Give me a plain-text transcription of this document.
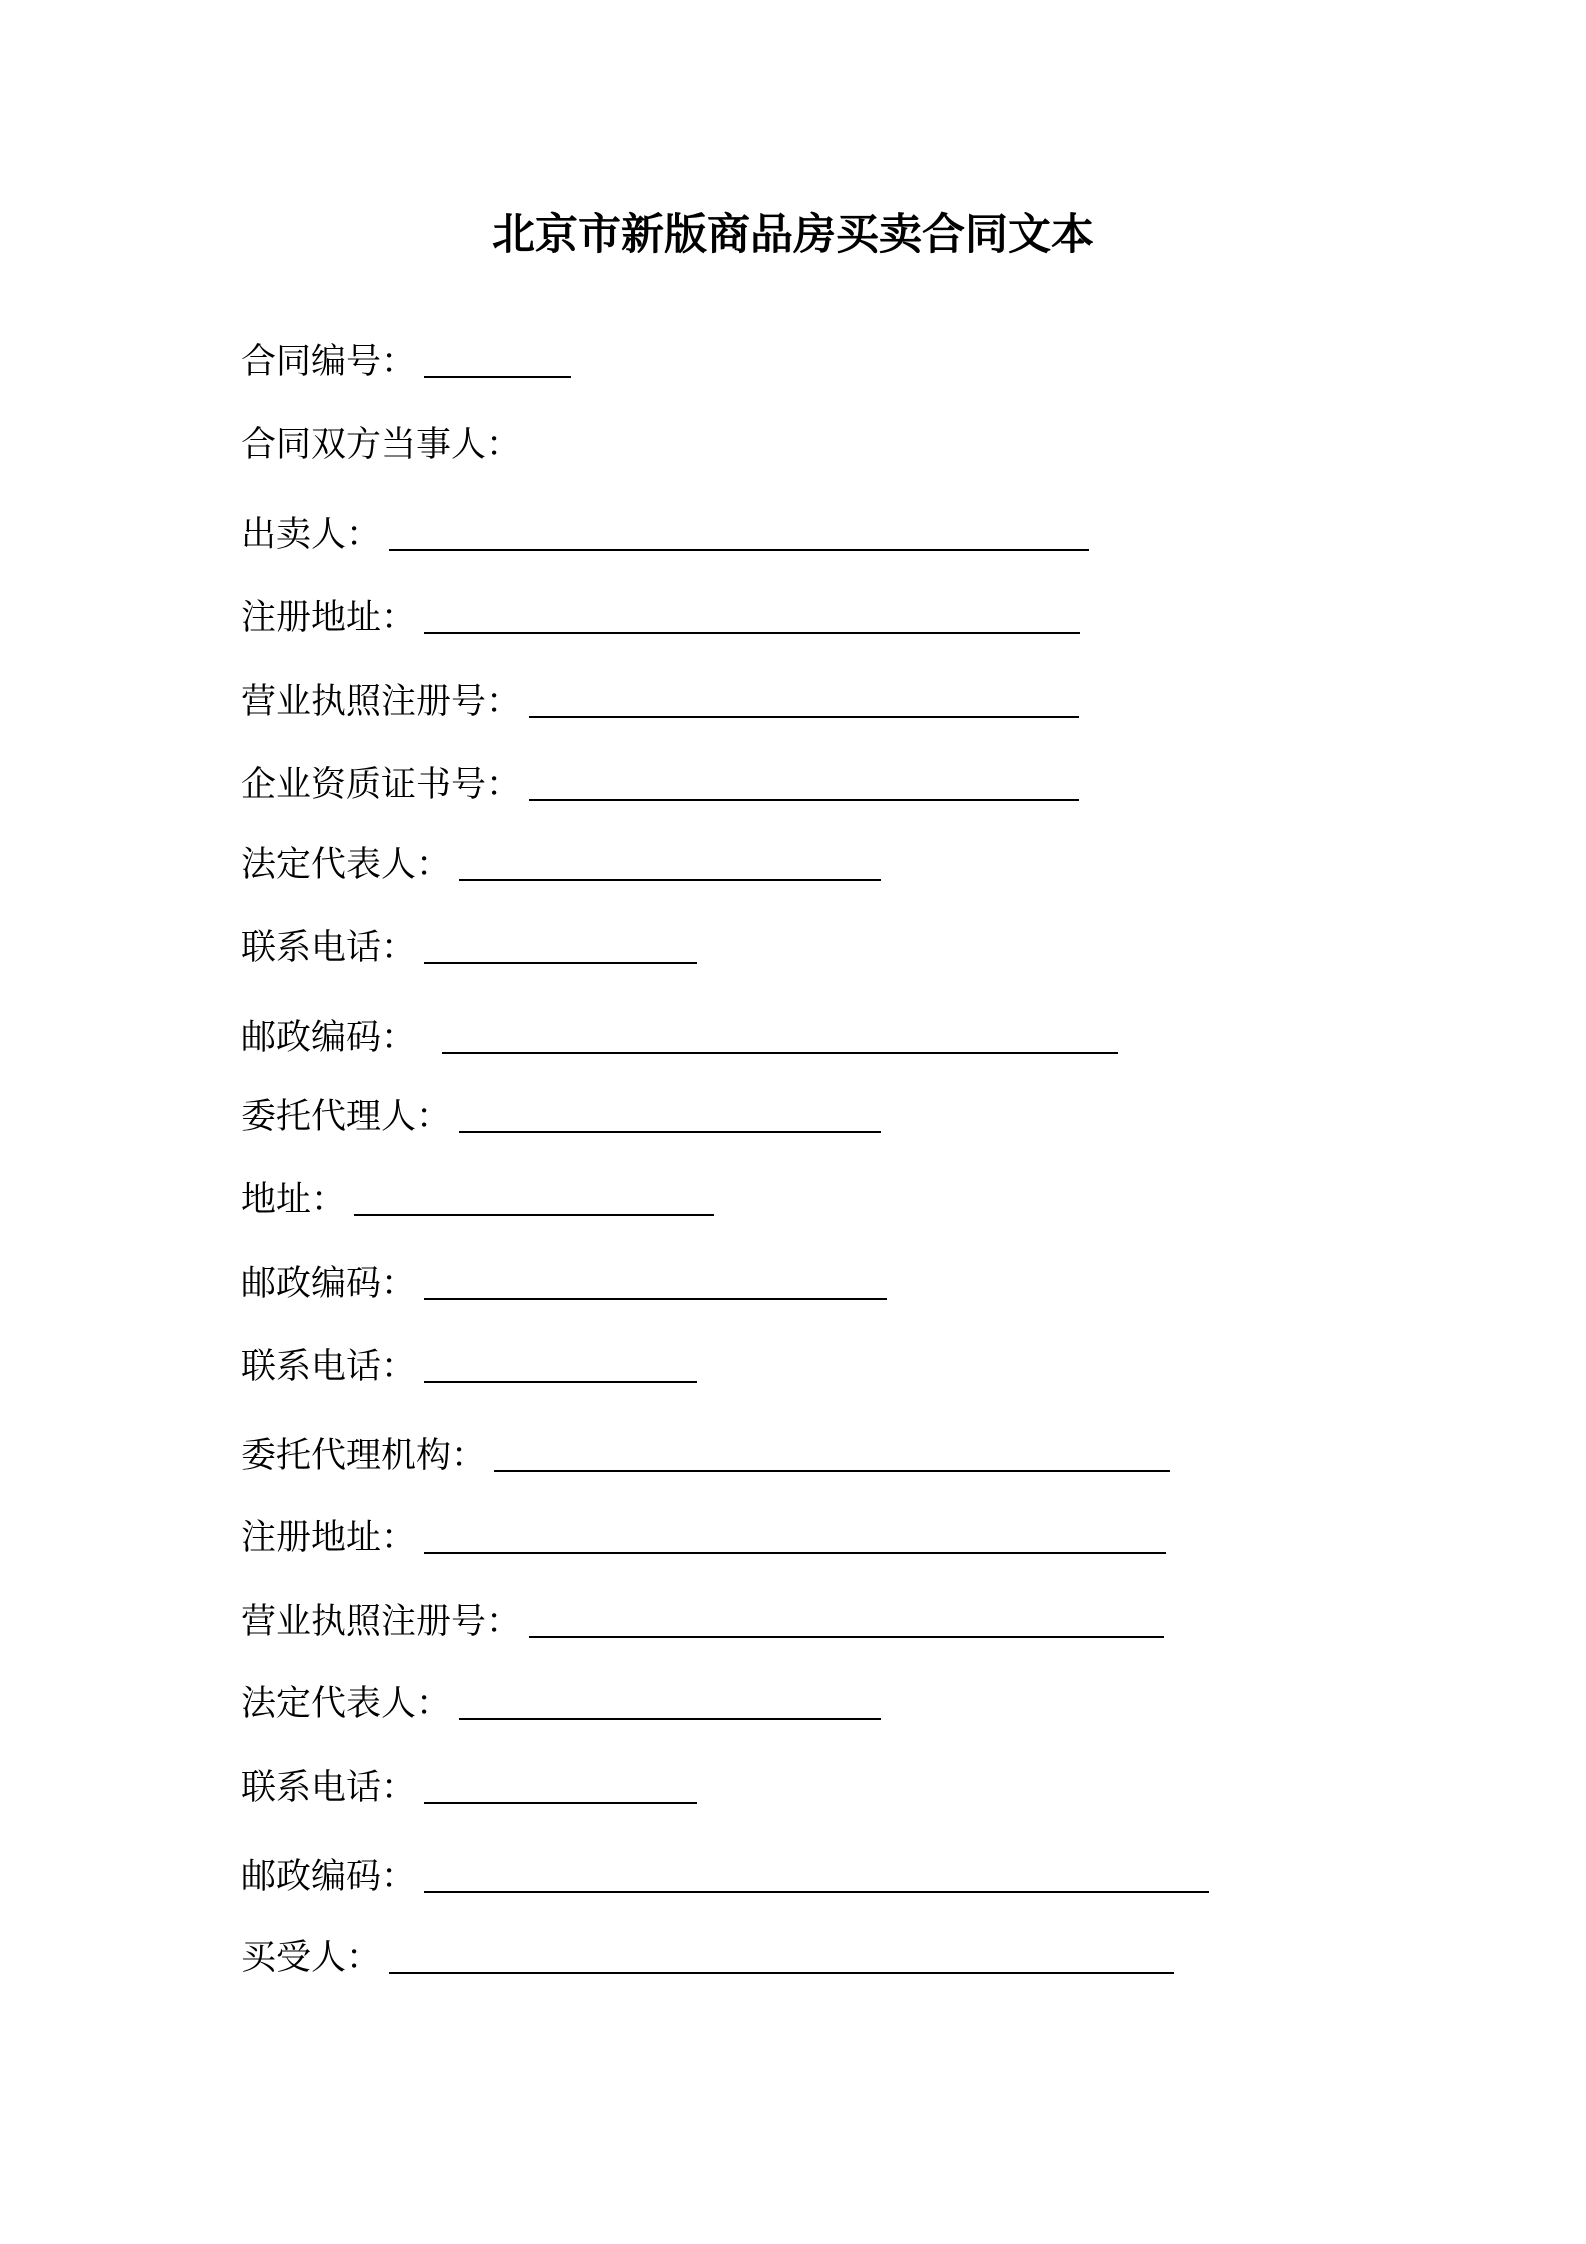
北京市新版商品房买卖合同文本
合同编号：
合同双方当事人：
出卖人：
注册地址：
营业执照注册号：
企业资质证书号：
法定代表人：
联系电话：
邮政编码：
委托代理人：
地址：
邮政编码：
联系电话：
委托代理机构：
注册地址：
营业执照注册号：
法定代表人：
联系电话：
邮政编码：
买受人：
